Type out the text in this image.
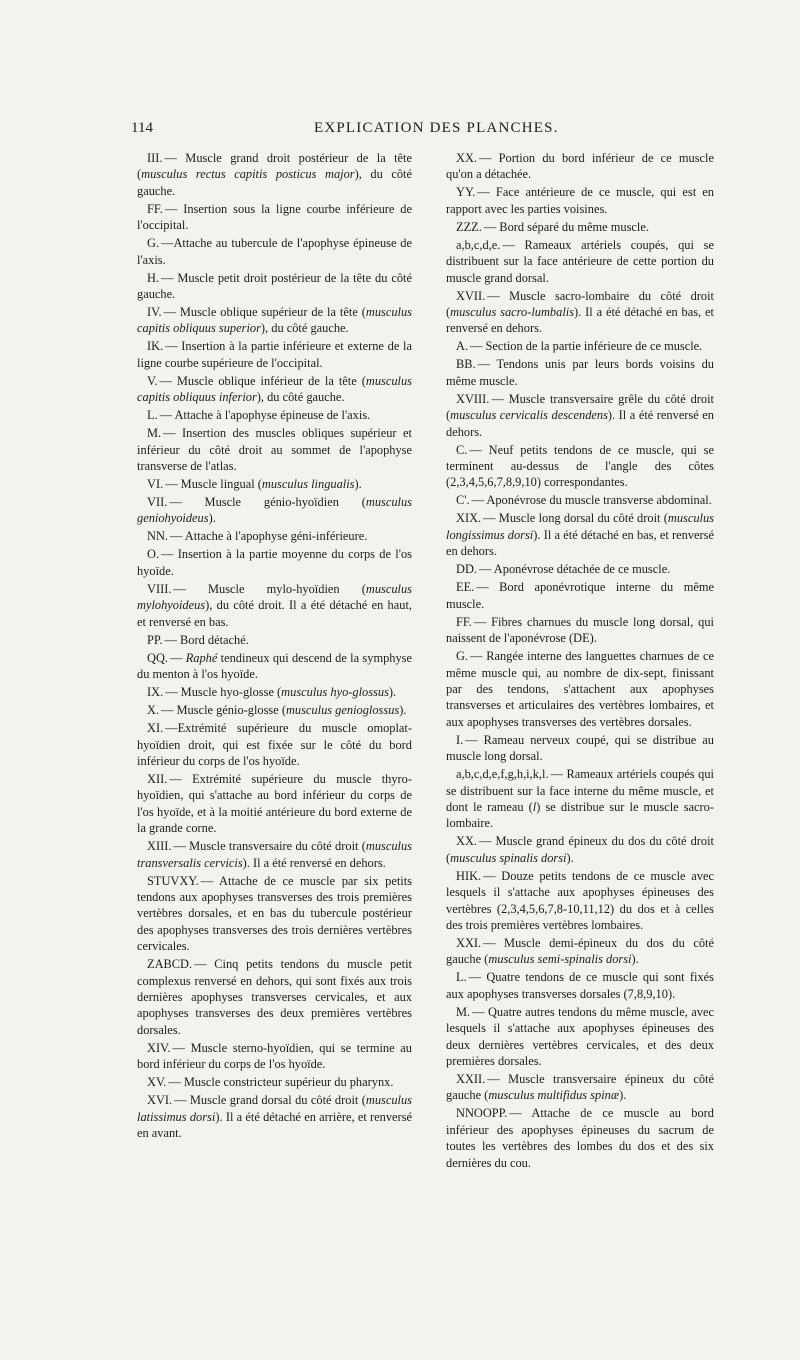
114	EXPLICATION DES PLANCHES.

III. — Muscle grand droit postérieur de la tête (musculus rectus capitis posticus major), du côté gauche.

FF. — Insertion sous la ligne courbe inférieure de l'occipital.

G. —Attache au tubercule de l'apophyse épineuse de l'axis.

H. — Muscle petit droit postérieur de la tête du côté gauche.

IV. — Muscle oblique supérieur de la tête (musculus capitis obliquus superior), du côté gauche.

IK. — Insertion à la partie inférieure et externe de la ligne courbe supérieure de l'occipital.

V. — Muscle oblique inférieur de la tête (musculus capitis obliquus inferior), du côté gauche.

L. — Attache à l'apophyse épineuse de l'axis.

M. — Insertion des muscles obliques supérieur et inférieur du côté droit au sommet de l'apophyse transverse de l'atlas.

VI. — Muscle lingual (musculus lingualis).

VII. — Muscle génio-hyoïdien (musculus geniohyoideus).

NN. — Attache à l'apophyse géni-inférieure.

O. — Insertion à la partie moyenne du corps de l'os hyoïde.

VIII. — Muscle mylo-hyoïdien (musculus mylohyoideus), du côté droit. Il a été détaché en haut, et renversé en bas.

PP. — Bord détaché.

QQ. — Raphé tendineux qui descend de la symphyse du menton à l'os hyoïde.

IX. — Muscle hyo-glosse (musculus hyo-glossus).

X. — Muscle génio-glosse (musculus genioglossus).

XI. —Extrémité supérieure du muscle omoplat-hyoïdien droit, qui est fixée sur le côté du bord inférieur du corps de l'os hyoïde.

XII. — Extrémité supérieure du muscle thyro-hyoïdien, qui s'attache au bord inférieur du corps de l'os hyoïde, et à la moitié antérieure du bord externe de la grande corne.

XIII. — Muscle transversaire du côté droit (musculus transversalis cervicis). Il a été renversé en dehors.

STUVXY. — Attache de ce muscle par six petits tendons aux apophyses transverses des trois premières vertèbres dorsales, et en bas du tubercule postérieur des apophyses transverses des trois dernières vertèbres cervicales.

ZABCD. — Cinq petits tendons du muscle petit complexus renversé en dehors, qui sont fixés aux trois dernières apophyses transverses cervicales, et aux apophyses transverses des deux premières vertèbres dorsales.

XIV. — Muscle sterno-hyoïdien, qui se termine au bord inférieur du corps de l'os hyoïde.

XV. — Muscle constricteur supérieur du pharynx.

XVI. — Muscle grand dorsal du côté droit (musculus latissimus dorsi). Il a été détaché en arrière, et renversé en avant.

XX. — Portion du bord inférieur de ce muscle qu'on a détachée.

YY. — Face antérieure de ce muscle, qui est en rapport avec les parties voisines.

ZZZ. — Bord séparé du même muscle.

a,b,c,d,e. — Rameaux artériels coupés, qui se distribuent sur la face antérieure de cette portion du muscle grand dorsal.

XVII. — Muscle sacro-lombaire du côté droit (musculus sacro-lumbalis). Il a été détaché en bas, et renversé en dehors.

A. — Section de la partie inférieure de ce muscle.

BB. — Tendons unis par leurs bords voisins du même muscle.

XVIII. — Muscle transversaire grêle du côté droit (musculus cervicalis descendens). Il a été renversé en dehors.

C. — Neuf petits tendons de ce muscle, qui se terminent au-dessus de l'angle des côtes (2,3,4,5,6,7,8,9,10) correspondantes.

C'. — Aponévrose du muscle transverse abdominal.

XIX. — Muscle long dorsal du côté droit (musculus longissimus dorsi). Il a été détaché en bas, et renversé en dehors.

DD. — Aponévrose détachée de ce muscle.

EE. — Bord aponévrotique interne du même muscle.

FF. — Fibres charnues du muscle long dorsal, qui naissent de l'aponévrose (DE).

G. — Rangée interne des languettes charnues de ce même muscle qui, au nombre de dix-sept, finissant par des tendons, s'attachent aux apophyses transverses et articulaires des vertèbres lombaires, et aux apophyses transverses des vertèbres dorsales.

I. — Rameau nerveux coupé, qui se distribue au muscle long dorsal.

a,b,c,d,e,f,g,h,i,k,l. — Rameaux artériels coupés qui se distribuent sur la face interne du même muscle, et dont le rameau (l) se distribue sur le muscle sacro-lombaire.

XX. — Muscle grand épineux du dos du côté droit (musculus spinalis dorsi).

HIK. — Douze petits tendons de ce muscle avec lesquels il s'attache aux apophyses épineuses des vertèbres (2,3,4,5,6,7,8-10,11,12) du dos et à celles des trois premières vertèbres lombaires.

XXI. — Muscle demi-épineux du dos du côté gauche (musculus semi-spinalis dorsi).

L. — Quatre tendons de ce muscle qui sont fixés aux apophyses transverses dorsales (7,8,9,10).

M. — Quatre autres tendons du même muscle, avec lesquels il s'attache aux apophyses épineuses des deux dernières vertèbres cervicales, et des deux premières dorsales.

XXII. — Muscle transversaire épineux du côté gauche (musculus multifidus spinæ).

NNOOPP. — Attache de ce muscle au bord inférieur des apophyses épineuses du sacrum de toutes les vertèbres des lombes du dos et des six dernières du cou.
